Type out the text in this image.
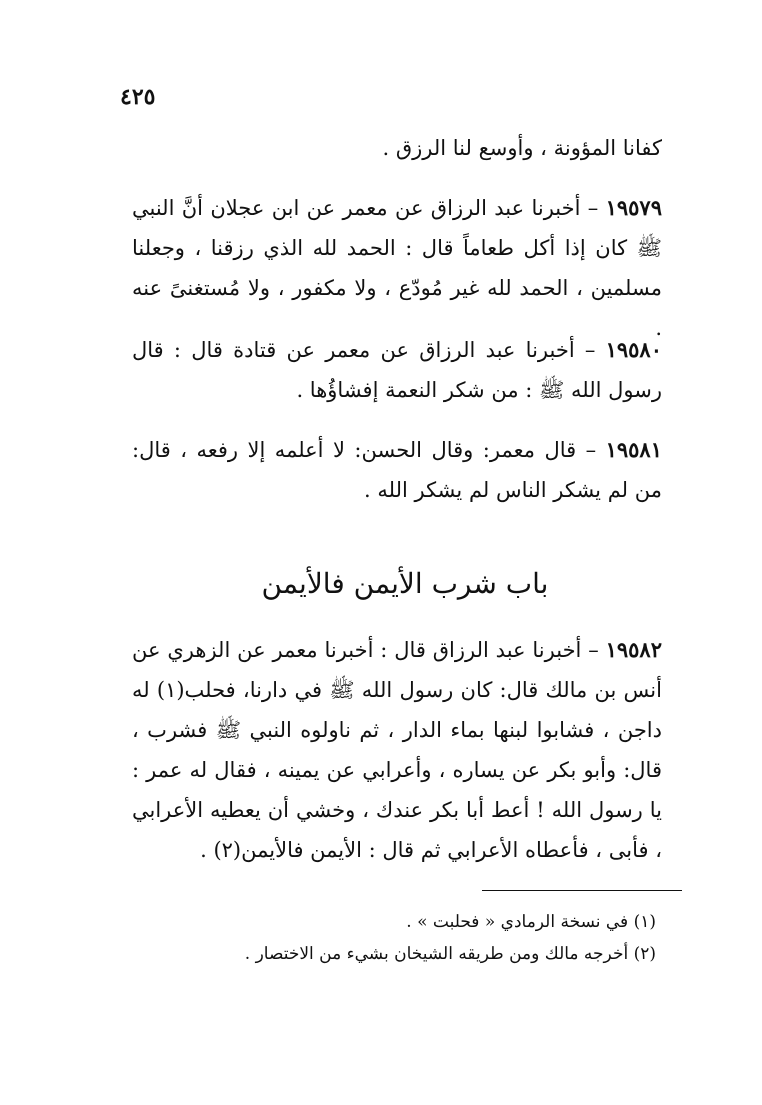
٤٢٥

كفانا المؤونة ، وأوسع لنا الرزق .

١٩٥٧٩ – أخبرنا عبد الرزاق عن معمر عن ابن عجلان أنَّ النبي ﷺ كان إذا أكل طعاماً قال : الحمد لله الذي رزقنا ، وجعلنا مسلمين ، الحمد لله غير مُودّع ، ولا مكفور ، ولا مُستغنىً عنه .

١٩٥٨٠ – أخبرنا عبد الرزاق عن معمر عن قتادة قال : قال رسول الله ﷺ : من شكر النعمة إفشاؤُها .

١٩٥٨١ – قال معمر: وقال الحسن: لا أعلمه إلا رفعه ، قال: من لم يشكر الناس لم يشكر الله .

باب شرب الأيمن فالأيمن

١٩٥٨٢ – أخبرنا عبد الرزاق قال : أخبرنا معمر عن الزهري عن أنس بن مالك قال: كان رسول الله ﷺ في دارنا، فحلب(١) له داجن ، فشابوا لبنها بماء الدار ، ثم ناولوه النبي ﷺ فشرب ، قال: وأبو بكر عن يساره ، وأعرابي عن يمينه ، فقال له عمر : يا رسول الله ! أعط أبا بكر عندك ، وخشي أن يعطيه الأعرابي ، فأبى ، فأعطاه الأعرابي ثم قال : الأيمن فالأيمن(٢) .

(١) في نسخة الرمادي « فحلبت » .

(٢) أخرجه مالك ومن طريقه الشيخان بشيء من الاختصار .
